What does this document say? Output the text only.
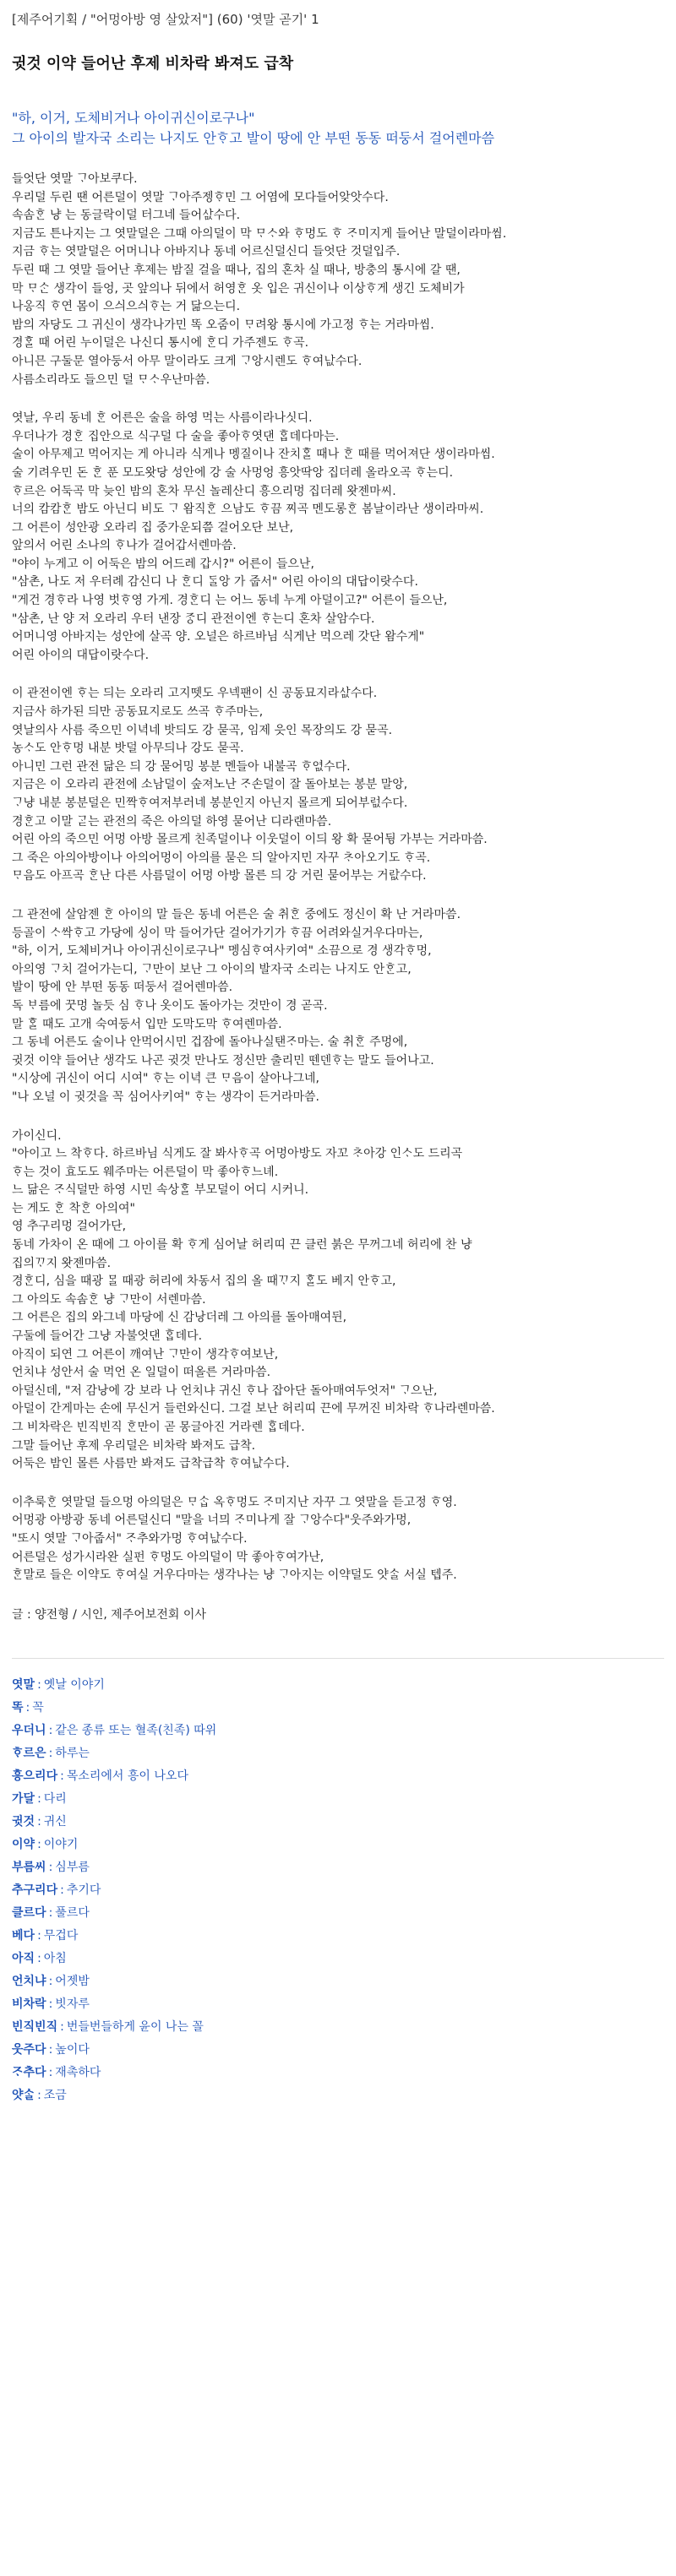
[제주어기획 / "어멍아방 영 살았저"] (60) '엿말 곧기' 1
귓것 이약 들어난 후제 비차락 봐져도 급착
"하, 이거, 도체비거나 아이귀신이로구나"
그 아이의 발자국 소리는 나지도 안ᄒᆞ고 발이 땅에 안 부떤 동동 떠둥서 걸어렌마씀
들엇단 엿말 ᄀᆞ아보쿠다.
우리덜 두린 땐 어른덜이 엿말 ᄀᆞ아주젱ᄒᆞ민 그 어염에 모다들어앚앗수다.
속솜ᄒᆞᆫ 냥 는 동글락이덜 터그네 들어사ᇝ수다.
지금도 튼나지는 그 엿말덜은 그때 아의덜이 막 ᄆᆞᄉᆞ와 ᄒᆞ멍도 ᄒᆞ ᄌᆞ미지게 들어난 말덜이라마씸.
지금 ᄒᆞ는 엿말덜은 어머니나 아바지나 동네 어르신덜신디 들엇단 것덜입주.
두린 때 그 엿말 들어난 후제는 밤질 걸을 때나, 집의 혼차 실 때나, 방충의 통시에 갈 땐,
막 ᄆᆞᄉᆞᆫ 생각이 들엉, 곳 앞의나 뒤에서 허영ᄒᆞᆫ 옷 입은 귀신이나 이상ᄒᆞ게 생긴 도체비가
나옹직 ᄒᆞ연 몸이 으싀으싀ᄒᆞ는 거 닮으는디.
밤의 자당도 그 귀신이 생각나가민 똑 오줌이 ᄆᆞ려왕 통시에 가고정 ᄒᆞ는 거라마씸.
경ᄒᆞᆯ 때 어린 누이덜은 나신디 통시에 ᄒᆞᆫ디 가주젠도 ᄒᆞ곡.
아니믄 구둘문 열아둥서 아무 말이라도 크게 ᄀᆞ앙시렌도 ᄒᆞ여나ᇝ수다.
사름소리라도 들으민 덜 ᄆᆞᄉᆞ우난마씀.
엿날, 우리 동네 ᄒᆞᆫ 어른은 술을 하영 먹는 사름이라나싯디.
우더나가 경ᄒᆞᆫ 집안으로 식구덜 다 술을 좋아ᄒᆞ엿댄 ᄒᆞᆸ데다마는.
술이 아무제고 먹어지는 게 아니라 식게나 멩질이나 잔치ᄒᆞᆯ 때나 ᄒᆞᆫ 때를 먹어져단 생이라마씸.
술 기려우민 돈 ᄒᆞᆫ 푼 모도왓당 성안에 강 술 사멍엉 흥앗딱앙 집더레 올라오곡 ᄒᆞ는디.
ᄒᆞ르은 어둑곡 막 늦인 밤의 혼차 무신 놀레산디 흥으리멍 집더레 왓젠마씨.
너의 캄캄ᄒᆞᆫ 밤도 아닌디 비도 ᄀᆞ 왐직ᄒᆞᆫ 으남도 ᄒᆞ끔 찌곡 멘도롱ᄒᆞᆫ 봄날이라난 생이라마씨.
그 어른이 성안광 오라리 집 중가운되쯤 걸어오단 보난,
앞의서 어린 소나의 ᄒᆞ나가 걸어갑서렌마씀.
"야이 누게고 이 어둑은 밤의 어드레 갑시?" 어른이 들으난,
"삼촌, 나도 저 우터례 감신디 나 ᄒᆞᆫ디 ᄃᆞᆯ앙 가 줍서" 어린 아이의 대답이랏수다.
"게건 경ᄒᆞ라 나영 벗ᄒᆞ영 가게. 경ᄒᆞᆫ디 는 어느 동네 누게 아덜이고?" 어른이 들으난,
"삼촌, 난 양 저 오라리 우터 낸장 ᄌᆞᆼ디 관전이엔 ᄒᆞ는디 혼차 살암수다.
어머니영 아바지는 성안에 살곡 양. 오널은 하르바님 식게난 먹으레 갓단 왐수게"
어린 아이의 대답이랏수다.
이 관전이엔 ᄒᆞ는 듸는 오라리 고지뗏도 우넥팬이 신 공동묘지라사ᇝ수다.
지금사 하가된 듸만 공동묘지로도 쓰곡 ᄒᆞ주마는,
엿날의사 사름 죽으민 이녁네 밧듸도 강 묻곡, 임제 읏인 목장의도 강 묻곡.
농ᄉᆞ도 안ᄒᆞ멍 내분 밧덜 아무듸나 강도 묻곡.
아니민 그런 관전 닮은 듸 강 묻어밍 봉분 멘들아 내불곡 ᄒᆞ여ᇝ수다.
지금은 이 오라리 관전에 소남덜이 숲져노난 ᄌᆞ손덜이 잘 돌아보는 봉분 말앙,
ᄀᆞ냥 내분 봉분덜은 민짝ᄒᆞ여저부러네 봉분인지 아닌지 몰르게 되어부러ᇝ수다.
경ᄒᆞᆫ고 이말 ᄀᆞᆮ는 관전의 죽은 아의덜 하영 묻어난 디라랜마씀.
어린 아의 죽으민 어멍 아방 몰르게 친족덜이나 이웃덜이 이듸 왕 확 묻어뒹 가부는 거라마씀.
그 죽은 아의아방이나 아의어멍이 아의를 묻은 듸 알아지민 자꾸 ᄎᆞ아오기도 ᄒᆞ곡.
ᄆᆞ음도 아프곡 ᄒᆞᆫ난 다른 사름덜이 어멍 아방 몰른 듸 강 거린 묻어부는 거라ᇝ수다.
그 관전에 살암젠 ᄒᆞᆫ 아이의 말 들은 동네 어른은 술 취ᄒᆞᆫ 중에도 정신이 확 난 거라마씀.
등골이 ᄉᆞ싹ᄒᆞ고 가당에 싱이 막 들어가단 걸어가기가 ᄒᆞ끔 어려와실거우다마는,
"하, 이거, 도체비거나 아이귀신이로구나" 멩심ᄒᆞ여사키여" 소끔으로 경 생각ᄒᆞ멍,
아의영 ᄀᆞ치 걸어가는디, ᄀᆞ만이 보난 그 아이의 발자국 소리는 나지도 안ᄒᆞᆫ고,
발이 땅에 안 부떤 동동 떠둥서 걸어렌마씀.
독 ᄇᆞ름에 꿋멍 놀듯 심 ᄒᆞ나 옷이도 돌아가는 것만이 경 곧곡.
말 ᄒᆞᆯ 때도 고개 숙여둥서 입만 도막도막 ᄒᆞ여렌마씀.
그 동네 어른도 술이나 안먹어시민 겁잠에 돌아나실탠ᄌᆞ마는. 술 취ᄒᆞᆫ 주멍에,
귓것 이약 들어난 생각도 나곤 귓것 만나도 정신만 출리민 뗀덴ᄒᆞ는 말도 들어나고.
"시상에 귀신이 어디 시여" ᄒᆞ는 이녁 큰 ᄆᆞ음이 살아나그네,
"나 오널 이 귓것을 꼭 심어사키여" ᄒᆞ는 생각이 든거라마씀.
가이신디.
"아이고 느 착ᄒᆞ다. 하르바님 식게도 잘 봐사ᄒᆞ곡 어멍아방도 자꼬 ᄎᆞ아강 인ᄉᆞ도 드리곡
ᄒᆞ는 것이 효도도 웨주마는 어른덜이 막 좋아ᄒᆞ느녜.
느 닮은 ᄌᆞ식덜만 하영 시민 속상ᄒᆞᆯ 부모덜이 어디 시커니.
는 게도 ᄒᆞᆫ 착ᄒᆞᆫ 아의여"
영 추구리멍 걸어가단,
동네 가차이 온 때에 그 아이를 확 ᄒᆞ게 심어날 허리띠 끈 클런 붉은 무꺼그네 허리에 찬 냥
집의ᄁᆞ지 왓젠마씀.
경ᄒᆞᆫ디, 심을 때광 ᄆᆞᆯ 때광 허리에 차동서 집의 올 때ᄁᆞ지 ᄒᆞᆯ도 베지 안ᄒᆞ고,
그 아의도 속솜ᄒᆞᆫ 냥 ᄀᆞ만이 서렌마씀.
그 어른은 집의 와그네 마당에 신 감낭더레 그 아의를 돌아매여뒨,
구둘에 들어간 그냥 자불엇댄 ᄒᆞᆸ데다.
아직이 되연 그 어른이 깨여난 ᄀᆞ만이 생각ᄒᆞ여보난,
언치냐 성안서 술 먹언 온 일덜이 떠올른 거라마씀.
아덜신데, "저 감낭에 강 보라 나 언치냐 귀신 ᄒᆞ나 잡아단 돌아매여두엇저" ᄀᆞ으난,
아덜이 간게마는 손에 무신거 들런와신디. 그걸 보난 허리띠 끈에 무꺼진 비차락 ᄒᆞ나라렌마씀.
그 비차락은 빈직빈직 ᄒᆞᆫ만이 곧 몽글아진 거라렌 ᄒᆞᆸ데다.
그말 들어난 후제 우리덜은 비차락 봐져도 급착.
어둑은 밤인 몰른 사름만 봐져도 급착급착 ᄒᆞ여나ᇝ수다.
이추룩ᄒᆞᆫ 엿말덜 들으멍 아의덜은 ᄆᆞᄉᆞᆸ 옥ᄒᆞ멍도 ᄌᆞ미지난 자꾸 그 엿말을 듣고정 ᄒᆞ영.
어멍광 아방광 동네 어른덜신디 "말을 너믜 ᄌᆞ미나게 잘 ᄀᆞ앙수다"웃주와가멍,
"또시 엿말 ᄀᆞ아줍서" ᄌᆞ추와가멍 ᄒᆞ여나ᇝ수다.
어른덜은 성가시라완 실펀 ᄒᆞ멍도 아의덜이 막 좋아ᄒᆞ여가난,
ᄒᆞᆫ말로 들은 이약도 ᄒᆞ여실 거우다마는 생각나는 냥 ᄀᆞ아지는 이약덜도 얏ᄉᆞᆯ 서실 텝주.
글 : 양전형 / 시인, 제주어보전회 이사
엿말 : 옛날 이야기
똑 : 꼭
우더니 : 같은 종류 또는 혈족(친족) 따위
ᄒᆞ르은 : 하루는
흥으리다 : 목소리에서 흥이 나오다
가달 : 다리
귓것 : 귀신
이약 : 이야기
부름씨 : 심부름
추구리다 : 추기다
클르다 : 풀르다
베다 : 무겁다
아직 : 아침
언치냐 : 어젯밤
비차락 : 빗자루
빈직빈직 : 번들번들하게 윤이 나는 꼴
웃주다 : 높이다
ᄌᆞ추다 : 재촉하다
얏ᄉᆞᆯ : 조금
